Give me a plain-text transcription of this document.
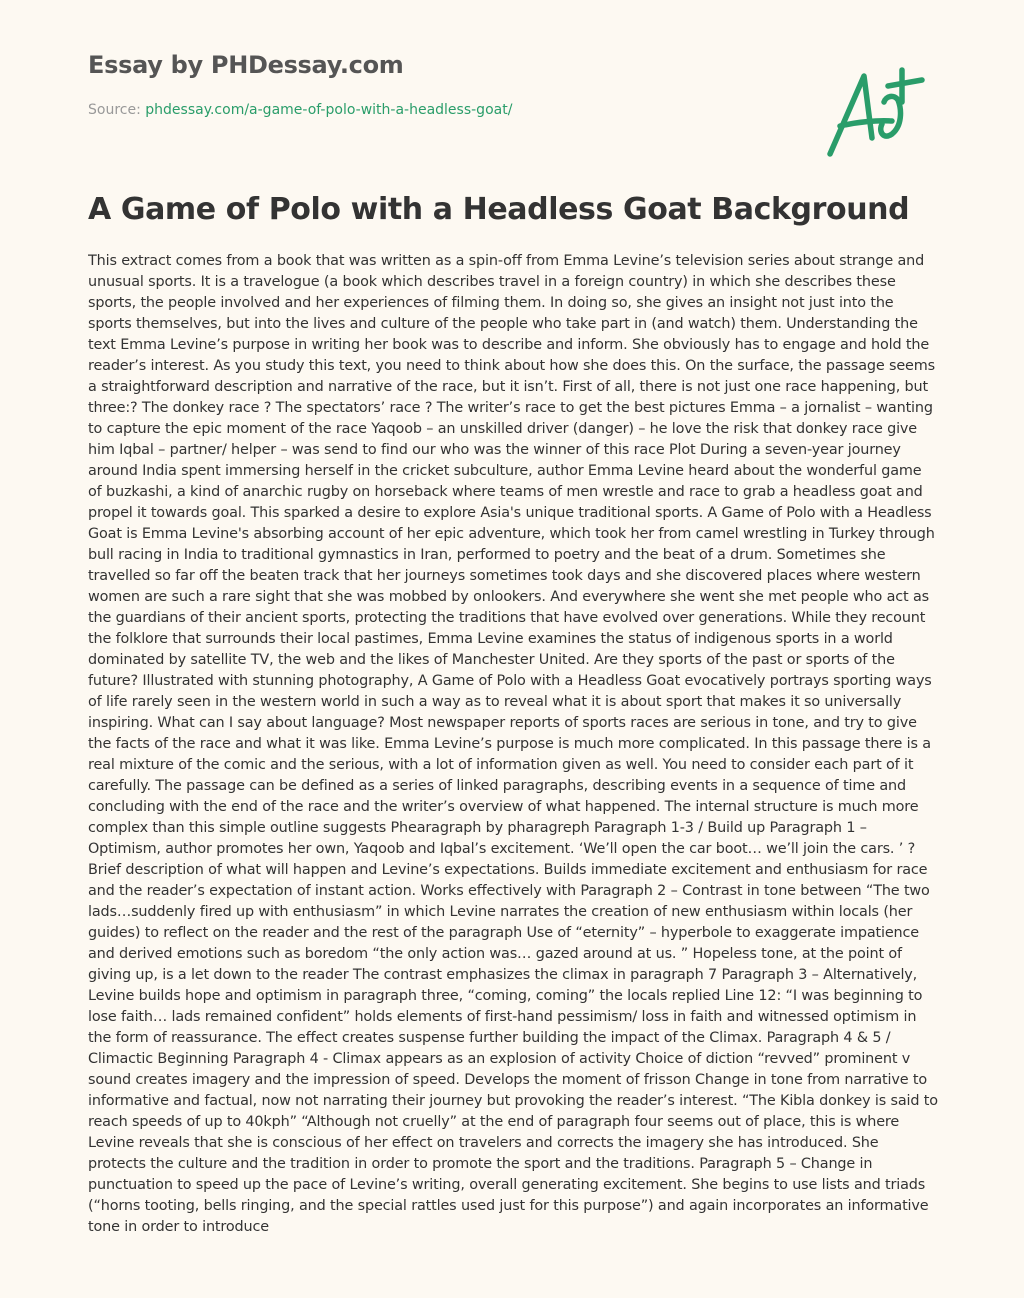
Essay by PHDessay.com
Source: phdessay.com/a-game-of-polo-with-a-headless-goat/
A Game of Polo with a Headless Goat Background

This extract comes from a book that was written as a spin-off from Emma Levine’s television series about strange and unusual sports. It is a travelogue (a book which describes travel in a foreign country) in which she describes these sports, the people involved and her experiences of filming them. In doing so, she gives an insight not just into the sports themselves, but into the lives and culture of the people who take part in (and watch) them. Understanding the text Emma Levine’s purpose in writing her book was to describe and inform. She obviously has to engage and hold the reader’s interest. As you study this text, you need to think about how she does this. On the surface, the passage seems a straightforward description and narrative of the race, but it isn’t. First of all, there is not just one race happening, but three:? The donkey race ? The spectators’ race ? The writer’s race to get the best pictures Emma – a jornalist – wanting to capture the epic moment of the race Yaqoob – an unskilled driver (danger) – he love the risk that donkey race give him Iqbal – partner/ helper – was send to find our who was the winner of this race Plot During a seven-year journey around India spent immersing herself in the cricket subculture, author Emma Levine heard about the wonderful game of buzkashi, a kind of anarchic rugby on horseback where teams of men wrestle and race to grab a headless goat and propel it towards goal. This sparked a desire to explore Asia's unique traditional sports. A Game of Polo with a Headless Goat is Emma Levine's absorbing account of her epic adventure, which took her from camel wrestling in Turkey through bull racing in India to traditional gymnastics in Iran, performed to poetry and the beat of a drum. Sometimes she travelled so far off the beaten track that her journeys sometimes took days and she discovered places where western women are such a rare sight that she was mobbed by onlookers. And everywhere she went she met people who act as the guardians of their ancient sports, protecting the traditions that have evolved over generations. While they recount the folklore that surrounds their local pastimes, Emma Levine examines the status of indigenous sports in a world dominated by satellite TV, the web and the likes of Manchester United. Are they sports of the past or sports of the future? Illustrated with stunning photography, A Game of Polo with a Headless Goat evocatively portrays sporting ways of life rarely seen in the western world in such a way as to reveal what it is about sport that makes it so universally inspiring. What can I say about language? Most newspaper reports of sports races are serious in tone, and try to give the facts of the race and what it was like. Emma Levine’s purpose is much more complicated. In this passage there is a real mixture of the comic and the serious, with a lot of information given as well. You need to consider each part of it carefully. The passage can be defined as a series of linked paragraphs, describing events in a sequence of time and concluding with the end of the race and the writer’s overview of what happened. The internal structure is much more complex than this simple outline suggests Phearagraph by pharagreph Paragraph 1-3 / Build up Paragraph 1 – Optimism, author promotes her own, Yaqoob and Iqbal’s excitement. ‘We’ll open the car boot… we’ll join the cars. ’ ? Brief description of what will happen and Levine’s expectations. Builds immediate excitement and enthusiasm for race and the reader’s expectation of instant action. Works effectively with Paragraph 2 – Contrast in tone between “The two lads…suddenly fired up with enthusiasm” in which Levine narrates the creation of new enthusiasm within locals (her guides) to reflect on the reader and the rest of the paragraph Use of “eternity” – hyperbole to exaggerate impatience and derived emotions such as boredom “the only action was… gazed around at us. ” Hopeless tone, at the point of giving up, is a let down to the reader The contrast emphasizes the climax in paragraph 7 Paragraph 3 – Alternatively, Levine builds hope and optimism in paragraph three, “coming, coming” the locals replied Line 12: “I was beginning to lose faith… lads remained confident” holds elements of first-hand pessimism/ loss in faith and witnessed optimism in the form of reassurance. The effect creates suspense further building the impact of the Climax. Paragraph 4 & 5 / Climactic Beginning Paragraph 4 - Climax appears as an explosion of activity Choice of diction “revved” prominent v sound creates imagery and the impression of speed. Develops the moment of frisson Change in tone from narrative to informative and factual, now not narrating their journey but provoking the reader’s interest. “The Kibla donkey is said to reach speeds of up to 40kph” “Although not cruelly” at the end of paragraph four seems out of place, this is where Levine reveals that she is conscious of her effect on travelers and corrects the imagery she has introduced. She protects the culture and the tradition in order to promote the sport and the traditions. Paragraph 5 – Change in punctuation to speed up the pace of Levine’s writing, overall generating excitement. She begins to use lists and triads (“horns tooting, bells ringing, and the special rattles used just for this purpose”) and again incorporates an informative tone in order to introduce
